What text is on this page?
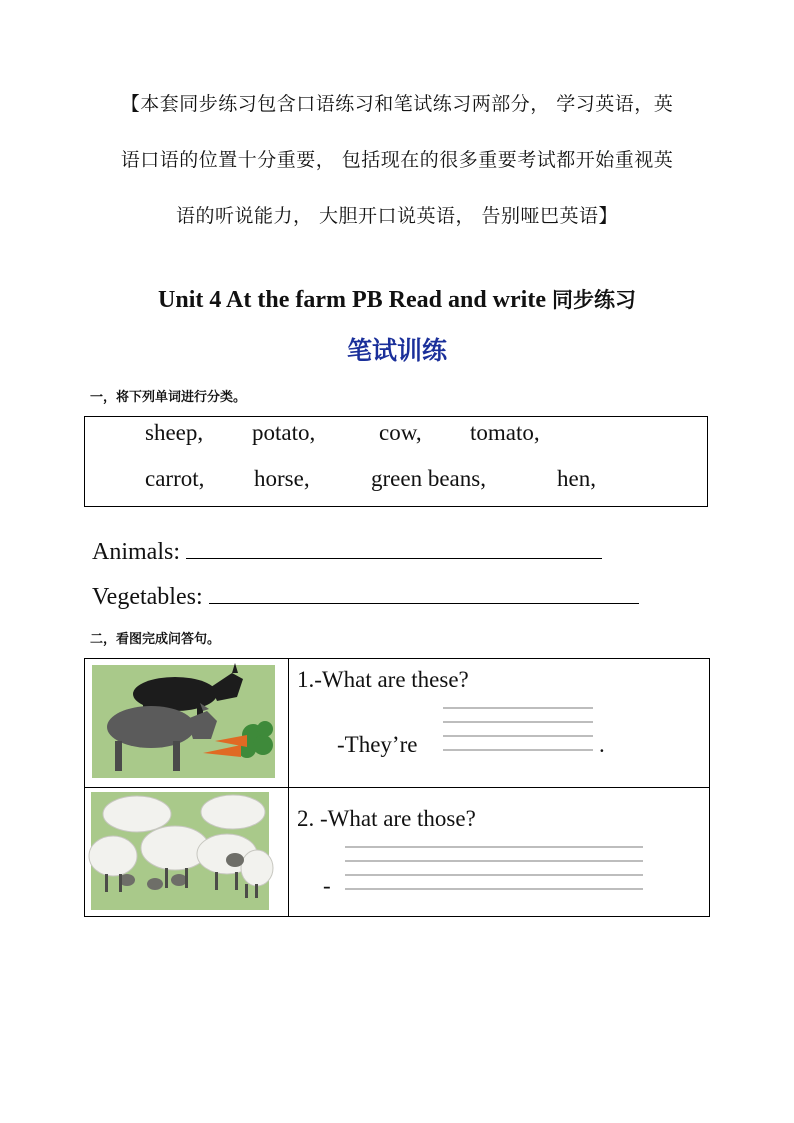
【本套同步练习包含口语练习和笔试练习两部分， 学习英语，英
语口语的位置十分重要， 包括现在的很多重要考试都开始重视英
语的听说能力， 大胆开口说英语， 告别哑巴英语】
Unit 4 At the farm PB Read and write 同步练习
笔试训练
一，将下列单词进行分类。
sheep, potato,	cow, tomato,
carrot, horse,	green beans,	hen,
Animals:
Vegetables:
二，看图完成问答句。

1.-What are these?
-They’re .

2. -What are those?
-
